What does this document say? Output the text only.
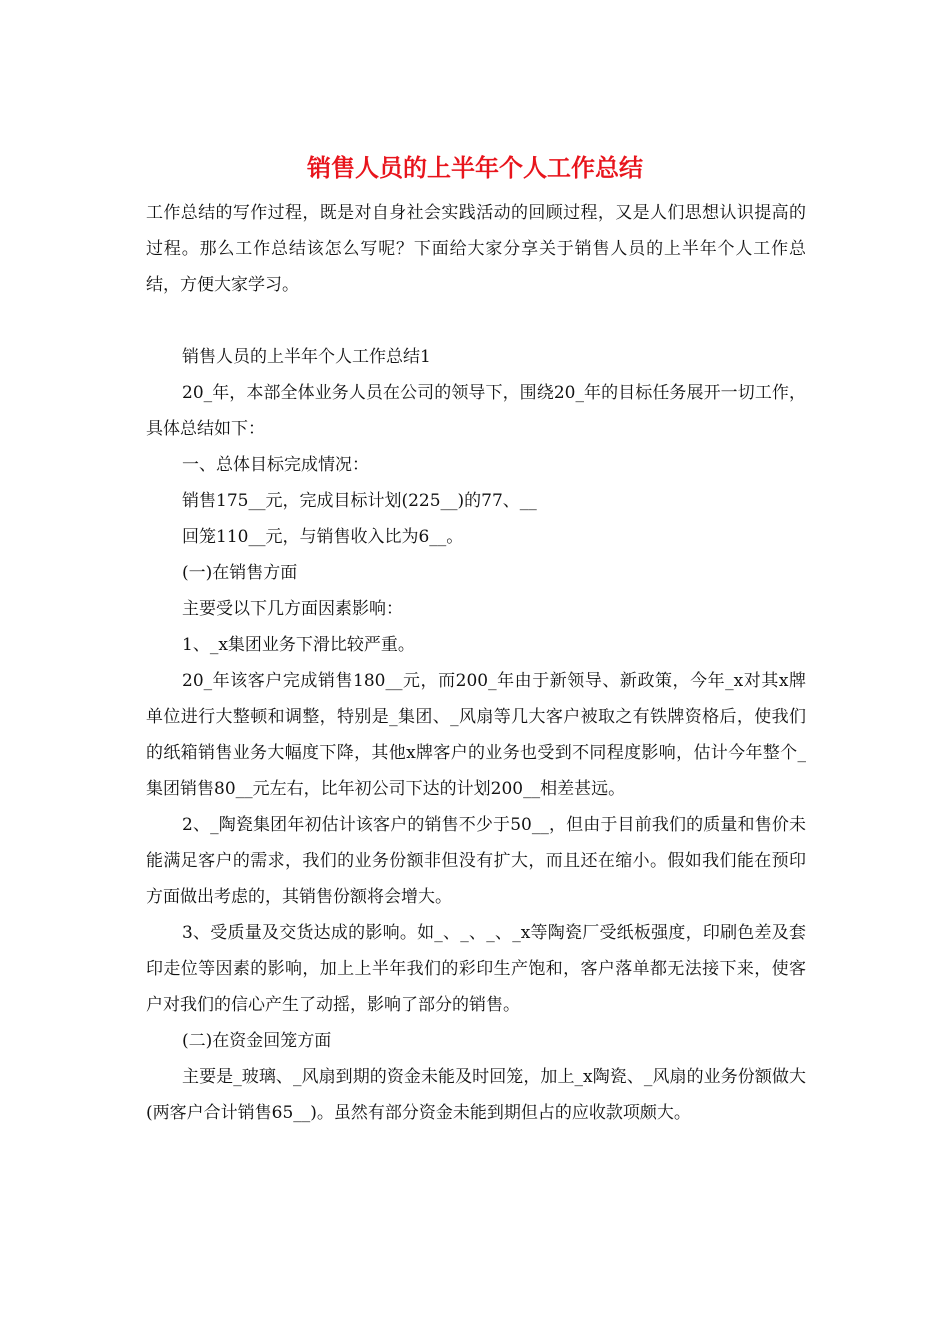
销售人员的上半年个人工作总结

工作总结的写作过程，既是对自身社会实践活动的回顾过程，又是人们思想认识提高的过程。那么工作总结该怎么写呢？下面给大家分享关于销售人员的上半年个人工作总结，方便大家学习。

销售人员的上半年个人工作总结1

20_年，本部全体业务人员在公司的领导下，围绕20_年的目标任务展开一切工作，具体总结如下：

一、总体目标完成情况：

销售175__元，完成目标计划(225__)的77、__

回笼110__元，与销售收入比为6__。

(一)在销售方面

主要受以下几方面因素影响：

1、_x集团业务下滑比较严重。

20_年该客户完成销售180__元，而200_年由于新领导、新政策，今年_x对其x牌单位进行大整顿和调整，特别是_集团、_风扇等几大客户被取之有铁牌资格后，使我们的纸箱销售业务大幅度下降，其他x牌客户的业务也受到不同程度影响，估计今年整个_集团销售80__元左右，比年初公司下达的计划200__相差甚远。

2、_陶瓷集团年初估计该客户的销售不少于50__，但由于目前我们的质量和售价未能满足客户的需求，我们的业务份额非但没有扩大，而且还在缩小。假如我们能在预印方面做出考虑的，其销售份额将会增大。

3、受质量及交货达成的影响。如_、_、_、_x等陶瓷厂受纸板强度，印刷色差及套印走位等因素的影响，加上上半年我们的彩印生产饱和，客户落单都无法接下来，使客户对我们的信心产生了动摇，影响了部分的销售。

(二)在资金回笼方面

主要是_玻璃、_风扇到期的资金未能及时回笼，加上_x陶瓷、_风扇的业务份额做大(两客户合计销售65__)。虽然有部分资金未能到期但占的应收款项颇大。
